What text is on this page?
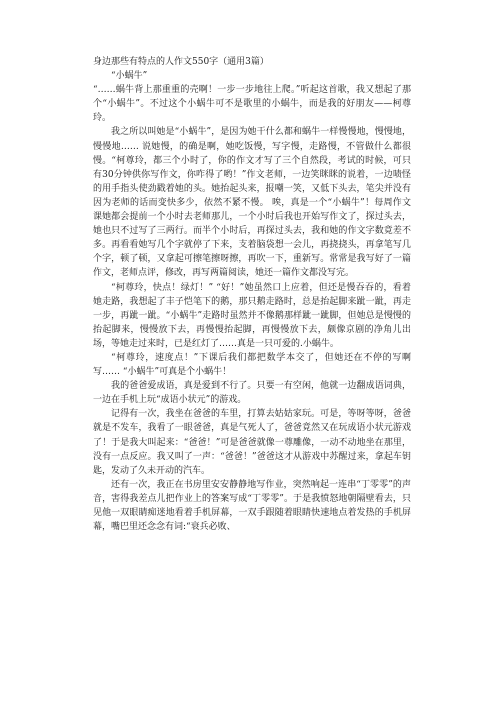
身边那些有特点的人作文550字（通用3篇）
“小蜗牛”

“……蜗牛背上那重重的壳啊！一步一步地往上爬。”听起这首歌，我又想起了那个“小蜗牛”。不过这个小蜗牛可不是歌里的小蜗牛，而是我的好朋友——柯尊玲。

我之所以叫她是“小蜗牛”，是因为她干什么都和蜗牛一样慢慢地，慢慢地，慢慢地…… 说她慢，的确是啊，她吃饭慢，写字慢，走路慢，不管做什么都很慢。“柯尊玲，都三个小时了，你的作文才写了三个自然段，考试的时候，可只有30分钟供你写作文，你咋得了哟！”作文老师，一边笑眯眯的说着，一边啧怪的用手指头使劲戳着她的头。她抬起头来，报嘲一笑，又低下头去，笔尖并没有因为老师的话而变快多少，依然不紧不慢。 唉，真是一个“小蜗牛”！每周作文课她都会提前一个小时去老师那儿，一个小时后我也开始写作文了，探过头去，她也只不过写了三两行。而半个小时后，再探过头去，我和她的作文字数竟差不多。再看看她写几个字就停了下来，支着脑袋想一会儿，再挠挠头，再拿笔写几个字，顿了顿，又拿起可擦笔擦呀擦，再吹一下，重新写。常常是我写好了一篇作文，老师点评，修改，再写两篇阅读，她还一篇作文都没写完。

“柯尊玲，快点！绿灯！” “好！”她虽然口上应着，但还是慢吞吞的，看着她走路，我想起了丰子恺笔下的鹅，那只鹅走路时，总是抬起脚来跐一跐，再走一步，再跐一跐。“小蜗牛”走路时虽然并不像鹅那样跐一跐脚，但她总是慢慢的抬起脚来，慢慢放下去，再慢慢抬起脚，再慢慢放下去，颇像京剧的净角儿出场，等她走过来时，已是红灯了……真是一只可爱的.小蜗牛。

“柯尊玲，速度点！”下课后我们都把数学本交了，但她还在不停的写啊写…… “小蜗牛”可真是个小蜗牛！

我的爸爸爱成语，真是爱到不行了。只要一有空闲，他就一边翻成语词典，一边在手机上玩“成语小状元”的游戏。

记得有一次，我坐在爸爸的车里，打算去姑姑家玩。可是，等呀等呀，爸爸就是不发车，我看了一眼爸爸，真是气死人了，爸爸竟然又在玩成语小状元游戏了！于是我大叫起来：“爸爸！”可是爸爸就像一尊雕像，一动不动地坐在那里，没有一点反应。我又叫了一声：“爸爸！”爸爸这才从游戏中苏醒过来，拿起车钥匙，发动了久未开动的汽车。

还有一次，我正在书房里安安静静地写作业，突然响起一连串“丁零零”的声音，害得我差点儿把作业上的答案写成“丁零零”。于是我愤怒地朝隔壁看去，只见他一双眼睛痴迷地看着手机屏幕，一双手跟随着眼睛快速地点着发热的手机屏幕，嘴巴里还念念有词:“衰兵必败、
